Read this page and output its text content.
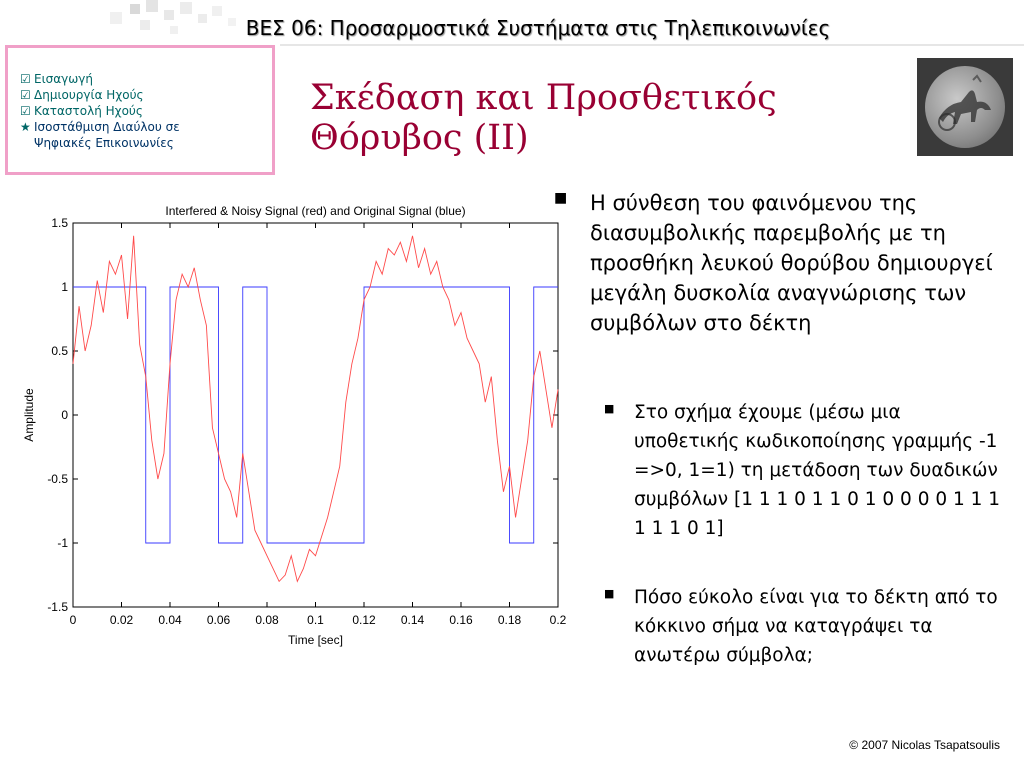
ΒΕΣ 06: Προσαρμοστικά Συστήματα στις Τηλεπικοινωνίες
☑ Εισαγωγή
☑ Δημιουργία Ηχούς
☑ Καταστολή Ηχούς
★ Ισοστάθμιση Διαύλου σε
Ψηφιακές Επικοινωνίες
Σκέδαση και Προσθετικός
Θόρυβος (ΙΙ)
Interfered & Noisy Signal (red) and Original Signal (blue)
0	0.02 0.04 0.06 0.08 0.1 0.12 0.14 0.16 0.18 0.2
1.5
1
0.5
0
-0.5
-1
-1.5
Time [sec]
Amplitude
■ Η σύνθεση του φαινόμενου της διασυμβολικής παρεμβολής με τη προσθήκη λευκού θορύβου δημιουργεί μεγάλη δυσκολία αναγνώρισης των συμβόλων στο δέκτη
■ Στο σχήμα έχουμε (μέσω μια υποθετικής κωδικοποίησης γραμμής -1 =>0, 1=1) τη μετάδοση των δυαδικών συμβόλων [1 1 1 0 1 1 0 1 0 0 0 0 1 1 1 1 1 1 0 1]
■ Πόσο εύκολο είναι για το δέκτη από το κόκκινο σήμα να καταγράψει τα ανωτέρω σύμβολα;
© 2007 Nicolas Tsapatsoulis
